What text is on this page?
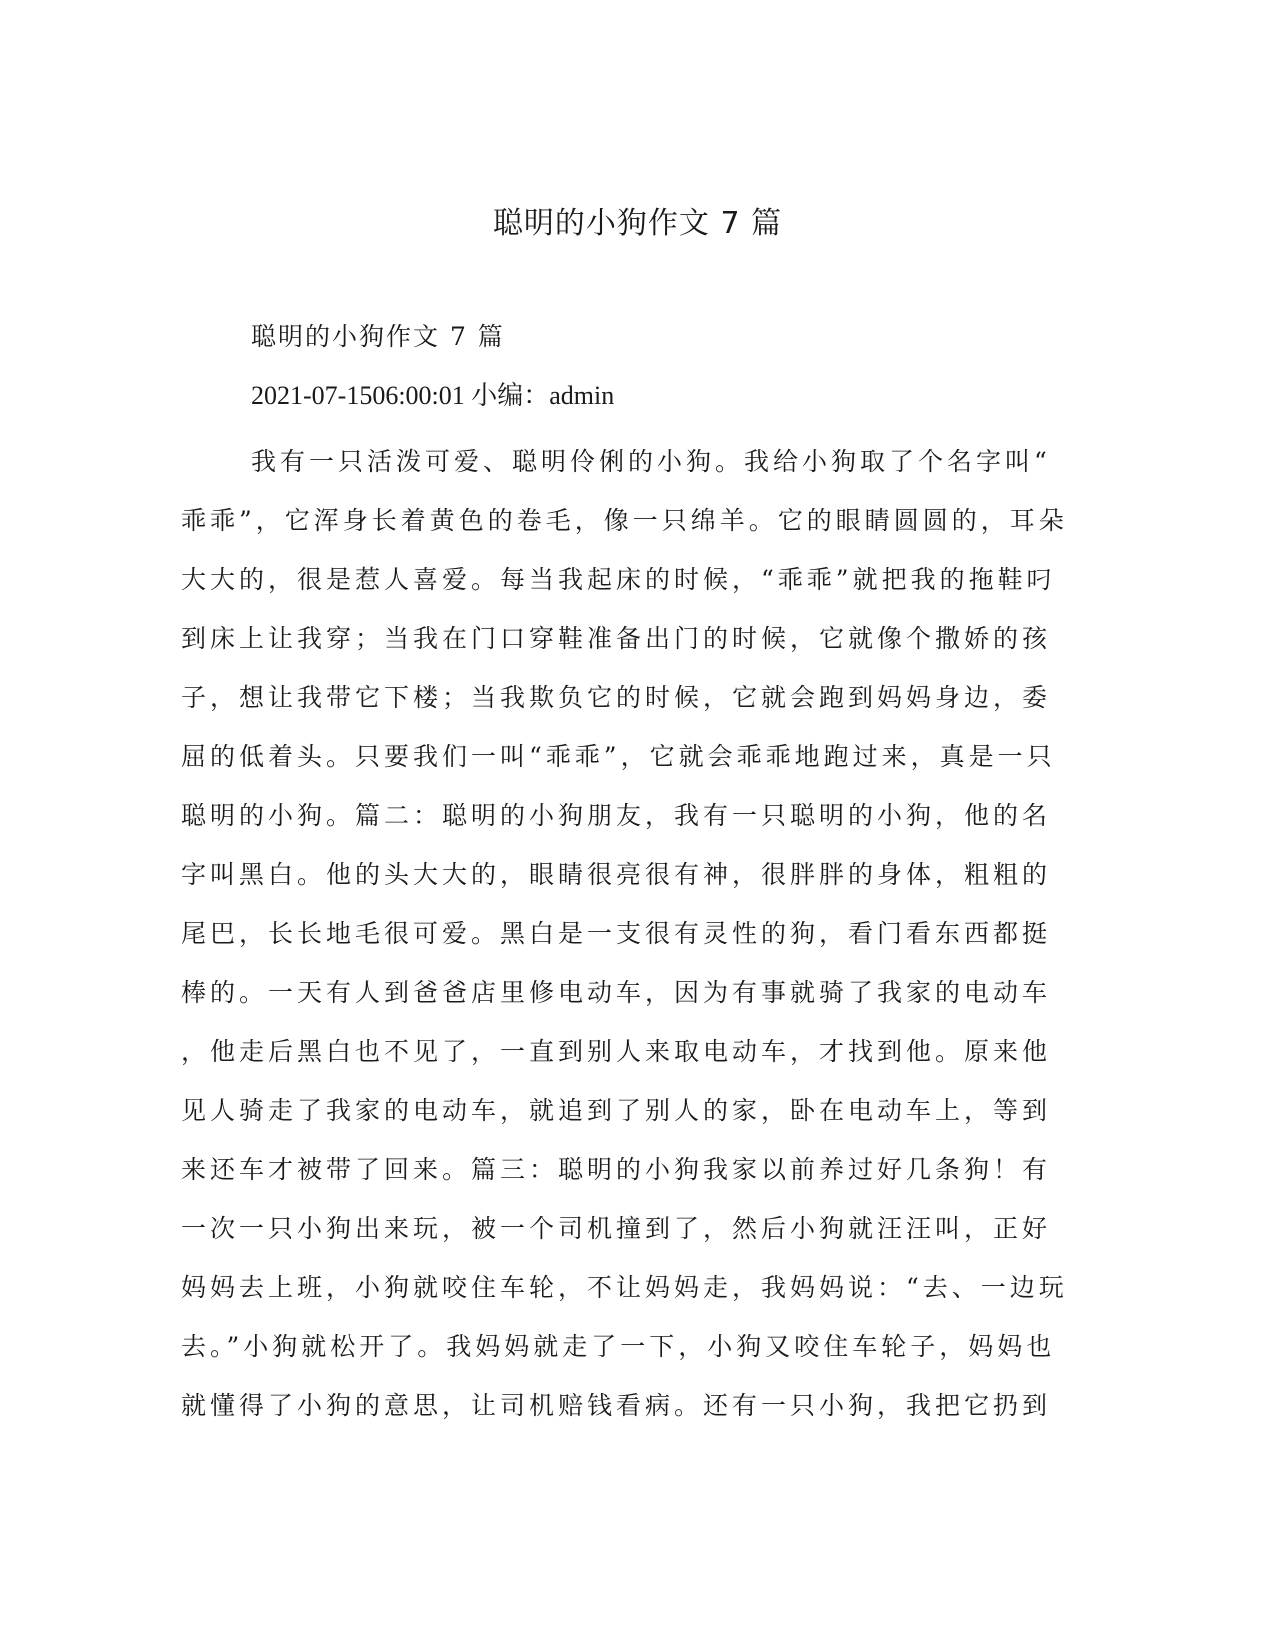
聪明的小狗作文 7 篇

聪明的小狗作文 7 篇

2021-07-1506:00:01 小编：admin

我有一只活泼可爱、聪明伶俐的小狗。我给小狗取了个名字叫“
乖乖”，它浑身长着黄色的卷毛，像一只绵羊。它的眼睛圆圆的，耳朵
大大的，很是惹人喜爱。每当我起床的时候，“乖乖”就把我的拖鞋叼
到床上让我穿；当我在门口穿鞋准备出门的时候，它就像个撒娇的孩
子，想让我带它下楼；当我欺负它的时候，它就会跑到妈妈身边，委
屈的低着头。只要我们一叫“乖乖”，它就会乖乖地跑过来，真是一只
聪明的小狗。篇二：聪明的小狗朋友，我有一只聪明的小狗，他的名
字叫黑白。他的头大大的，眼睛很亮很有神，很胖胖的身体，粗粗的
尾巴，长长地毛很可爱。黑白是一支很有灵性的狗，看门看东西都挺
棒的。一天有人到爸爸店里修电动车，因为有事就骑了我家的电动车
，他走后黑白也不见了，一直到别人来取电动车，才找到他。原来他
见人骑走了我家的电动车，就追到了别人的家，卧在电动车上，等到
来还车才被带了回来。篇三：聪明的小狗我家以前养过好几条狗！有
一次一只小狗出来玩，被一个司机撞到了，然后小狗就汪汪叫，正好
妈妈去上班，小狗就咬住车轮，不让妈妈走，我妈妈说：“去、一边玩
去。”小狗就松开了。我妈妈就走了一下，小狗又咬住车轮子，妈妈也
就懂得了小狗的意思，让司机赔钱看病。还有一只小狗，我把它扔到
